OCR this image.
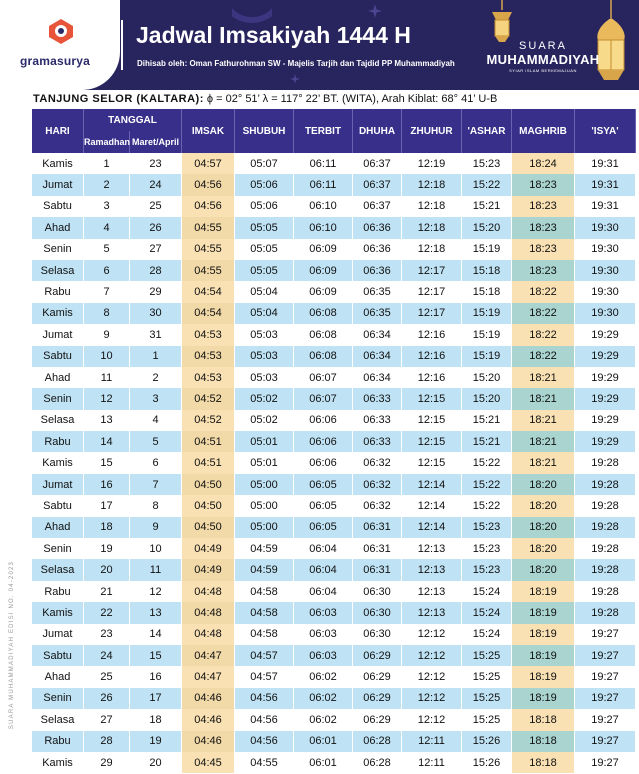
gramasurya
Jadwal Imsakiyah 1444 H
Dihisab oleh: Oman Fathurohman SW - Majelis Tarjih dan Tajdid PP Muhammadiyah
SUARA
MUHAMMADIYAH
SYIAR ISLAM BERKEMAJUAN
TANJUNG SELOR (KALTARA): ϕ = 02° 51’ λ = 117° 22’ BT. (WITA), Arah Kiblat: 68° 41’ U-B
SUARA MUHAMMADIYAH EDISI NO. 04-2023
HARI	TANGGAL		IMSAK	SHUBUH	TERBIT	DHUHA	ZHUHUR	'ASHAR	MAGHRIB	'ISYA'
	Ramadhan	Maret/April								
Kamis	1	23	04:57	05:07	06:11	06:37	12:19	15:23	18:24	19:31
Jumat	2	24	04:56	05:06	06:11	06:37	12:18	15:22	18:23	19:31
Sabtu	3	25	04:56	05:06	06:10	06:37	12:18	15:21	18:23	19:31
Ahad	4	26	04:55	05:05	06:10	06:36	12:18	15:20	18:23	19:30
Senin	5	27	04:55	05:05	06:09	06:36	12:18	15:19	18:23	19:30
Selasa	6	28	04:55	05:05	06:09	06:36	12:17	15:18	18:23	19:30
Rabu	7	29	04:54	05:04	06:09	06:35	12:17	15:18	18:22	19:30
Kamis	8	30	04:54	05:04	06:08	06:35	12:17	15:19	18:22	19:30
Jumat	9	31	04:53	05:03	06:08	06:34	12:16	15:19	18:22	19:29
Sabtu	10	1	04:53	05:03	06:08	06:34	12:16	15:19	18:22	19:29
Ahad	11	2	04:53	05:03	06:07	06:34	12:16	15:20	18:21	19:29
Senin	12	3	04:52	05:02	06:07	06:33	12:15	15:20	18:21	19:29
Selasa	13	4	04:52	05:02	06:06	06:33	12:15	15:21	18:21	19:29
Rabu	14	5	04:51	05:01	06:06	06:33	12:15	15:21	18:21	19:29
Kamis	15	6	04:51	05:01	06:06	06:32	12:15	15:22	18:21	19:28
Jumat	16	7	04:50	05:00	06:05	06:32	12:14	15:22	18:20	19:28
Sabtu	17	8	04:50	05:00	06:05	06:32	12:14	15:22	18:20	19:28
Ahad	18	9	04:50	05:00	06:05	06:31	12:14	15:23	18:20	19:28
Senin	19	10	04:49	04:59	06:04	06:31	12:13	15:23	18:20	19:28
Selasa	20	11	04:49	04:59	06:04	06:31	12:13	15:23	18:20	19:28
Rabu	21	12	04:48	04:58	06:04	06:30	12:13	15:24	18:19	19:28
Kamis	22	13	04:48	04:58	06:03	06:30	12:13	15:24	18:19	19:28
Jumat	23	14	04:48	04:58	06:03	06:30	12:12	15:24	18:19	19:27
Sabtu	24	15	04:47	04:57	06:03	06:29	12:12	15:25	18:19	19:27
Ahad	25	16	04:47	04:57	06:02	06:29	12:12	15:25	18:19	19:27
Senin	26	17	04:46	04:56	06:02	06:29	12:12	15:25	18:19	19:27
Selasa	27	18	04:46	04:56	06:02	06:29	12:12	15:25	18:18	19:27
Rabu	28	19	04:46	04:56	06:01	06:28	12:11	15:26	18:18	19:27
Kamis	29	20	04:45	04:55	06:01	06:28	12:11	15:26	18:18	19:27
